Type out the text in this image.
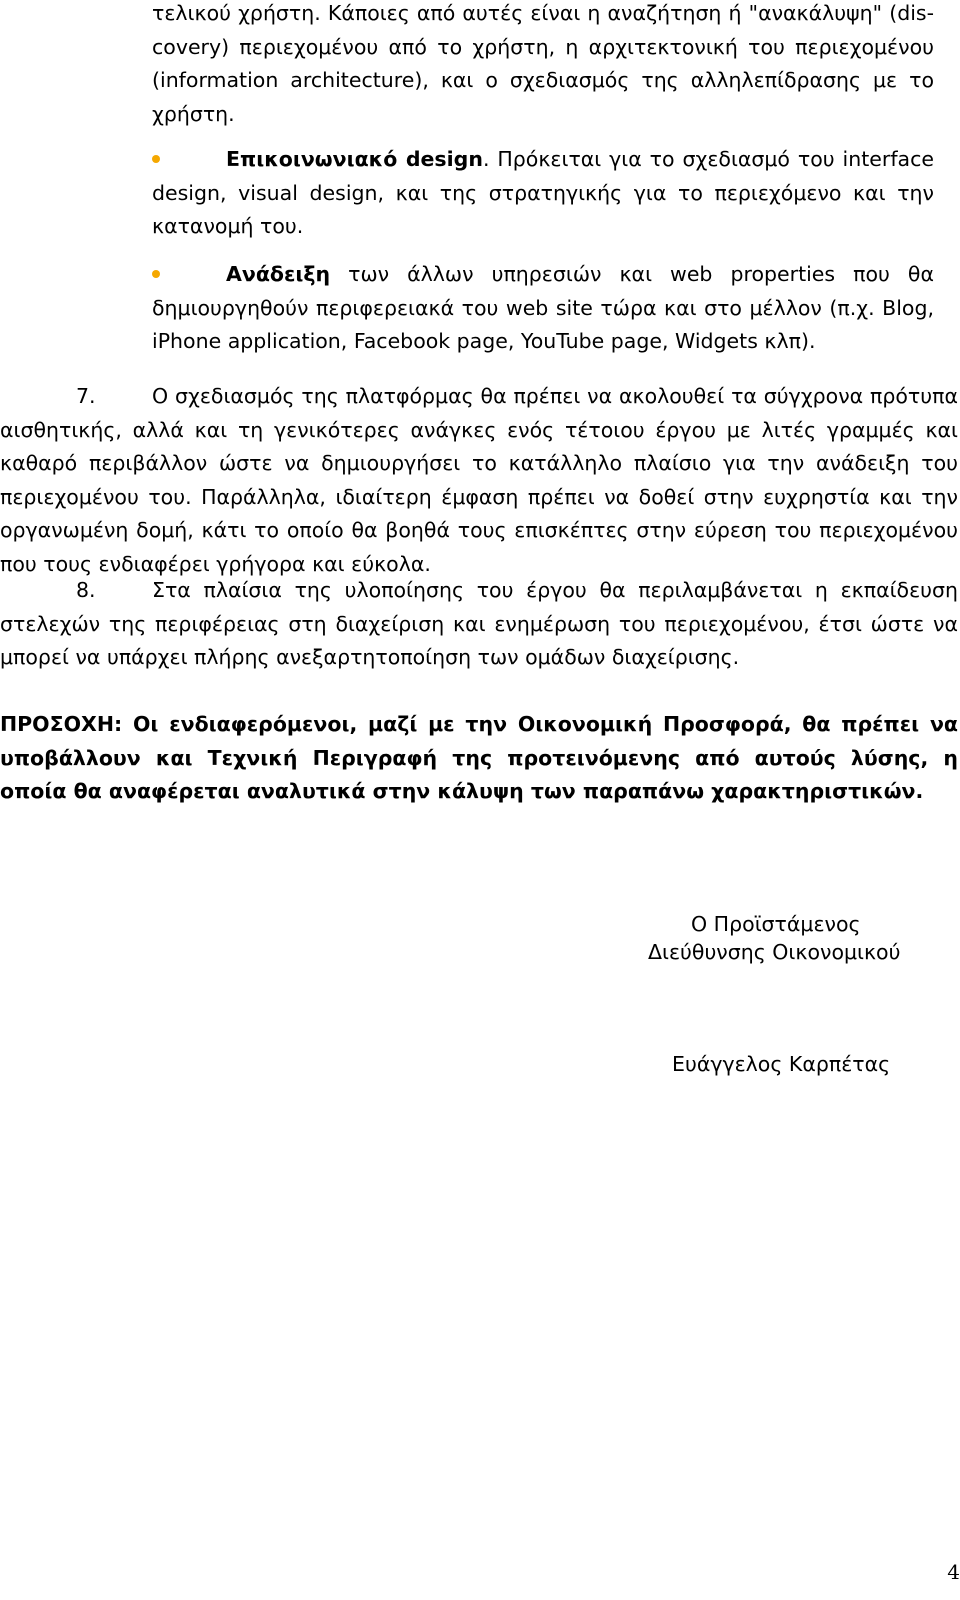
τελικού χρήστη. Κάποιες από αυτές είναι η αναζήτηση ή "ανακάλυψη" (dis-covery) περιεχομένου από το χρήστη, η αρχιτεκτονική του περιεχομένου (information architecture), και ο σχεδιασμός της αλληλεπίδρασης με το χρήστη.

Επικοινωνιακό design. Πρόκειται για το σχεδιασμό του interface design, visual design, και της στρατηγικής για το περιεχόμενο και την κατανομή του.

Ανάδειξη των άλλων υπηρεσιών και web properties που θα δημιουργηθούν περιφερειακά του web site τώρα και στο μέλλον (π.χ. Blog, iPhone application, Facebook page, YouTube page, Widgets κλπ).

7.	Ο σχεδιασμός της πλατφόρμας θα πρέπει να ακολουθεί τα σύγχρονα πρότυπα αισθητικής, αλλά και τη γενικότερες ανάγκες ενός τέτοιου έργου με λιτές γραμμές και καθαρό περιβάλλον ώστε να δημιουργήσει το κατάλληλο πλαίσιο για την ανάδειξη του περιεχομένου του. Παράλληλα, ιδιαίτερη έμφαση πρέπει να δοθεί στην ευχρηστία και την οργανωμένη δομή, κάτι το οποίο θα βοηθά τους επισκέπτες στην εύρεση του περιεχομένου που τους ενδιαφέρει γρήγορα και εύκολα.

8.	Στα πλαίσια της υλοποίησης του έργου θα περιλαμβάνεται η εκπαίδευση στελεχών της περιφέρειας στη διαχείριση και ενημέρωση του περιεχομένου, έτσι ώστε να μπορεί να υπάρχει πλήρης ανεξαρτητοποίηση των ομάδων διαχείρισης.

ΠΡΟΣΟΧΗ: Οι ενδιαφερόμενοι, μαζί με την Οικονομική Προσφορά, θα πρέπει να υποβάλλουν και Τεχνική Περιγραφή της προτεινόμενης από αυτούς λύσης, η οποία θα αναφέρεται αναλυτικά στην κάλυψη των παραπάνω χαρακτηριστικών.

Ο Προϊστάμενος
Διεύθυνσης Οικονομικού
Ευάγγελος Καρπέτας
4
